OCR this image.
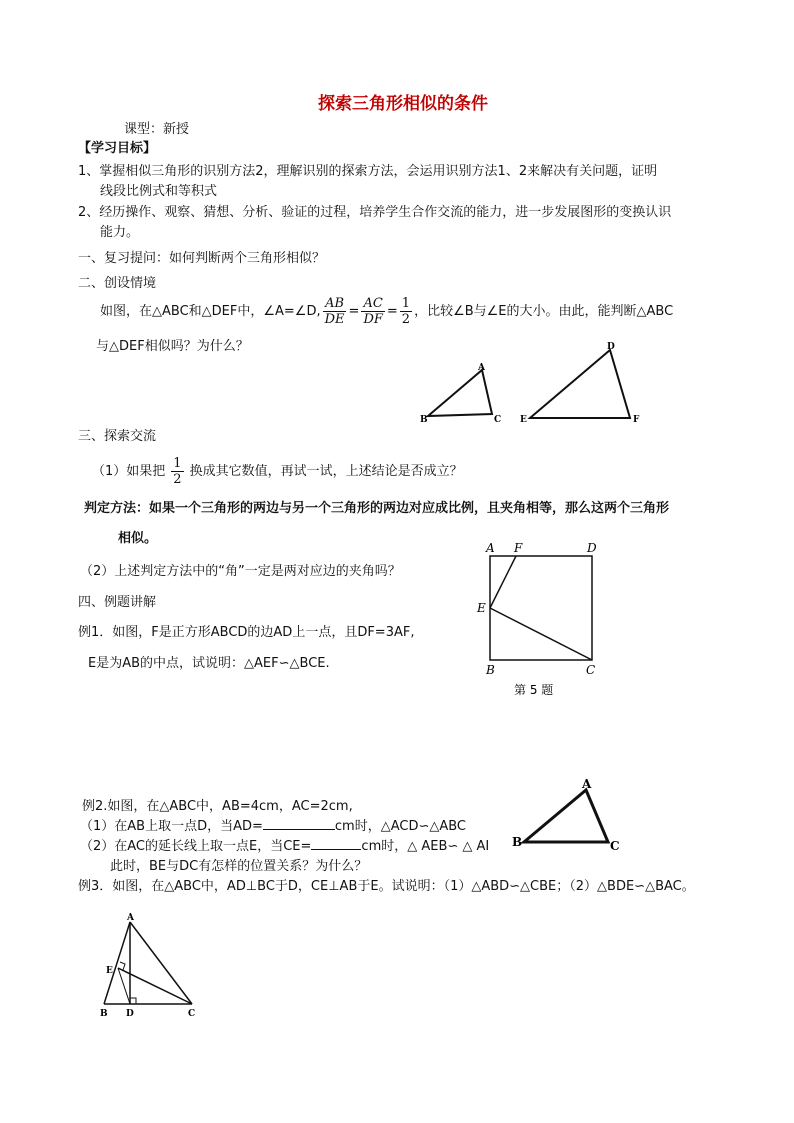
探索三角形相似的条件
课型：新授
【学习目标】
1、掌握相似三角形的识别方法2，理解识别的探索方法，会运用识别方法1、2来解决有关问题，证明
线段比例式和等积式
2、经历操作、观察、猜想、分析、验证的过程，培养学生合作交流的能力，进一步发展图形的变换认识
能力。
一、复习提问：如何判断两个三角形相似？
二、创设情境
如图，在△ABC和△DEF中，∠A=∠D, $\frac{AB}{DE} = \frac{AC}{DF} = \frac{1}{2}$ ，比较∠B与∠E的大小。由此，能判断△ABC
与△DEF相似吗？为什么？
A
B	C
D
E	F
三、探索交流
（1）如果把 $\frac{1}{2}$ 换成其它数值，再试一试，上述结论是否成立？
判定方法：如果一个三角形的两边与另一个三角形的两边对应成比例，且夹角相等，那么这两个三角形
相似。
（2）上述判定方法中的“角”一定是两对应边的夹角吗？
四、例题讲解
例1．如图，F是正方形ABCD的边AD上一点，且DF=3AF,
E是为AB的中点，试说明：△AEF∽△BCE.
A F	D
E
B	C
第 5 题
例2.如图，在△ABC中，AB=4cm，AC=2cm,
（1）在AB上取一点D，当AD=	cm时，△ACD∽△ABC
（2）在AC的延长线上取一点E，当CE=	cm时，△ AEB∽ △ AI
此时，BE与DC有怎样的位置关系？为什么？
A
B	C
例3．如图，在△ABC中，AD⊥BC于D，CE⊥AB于E。试说明：（1）△ABD∽△CBE；（2）△BDE∽△BAC。
A
E
B D	C
